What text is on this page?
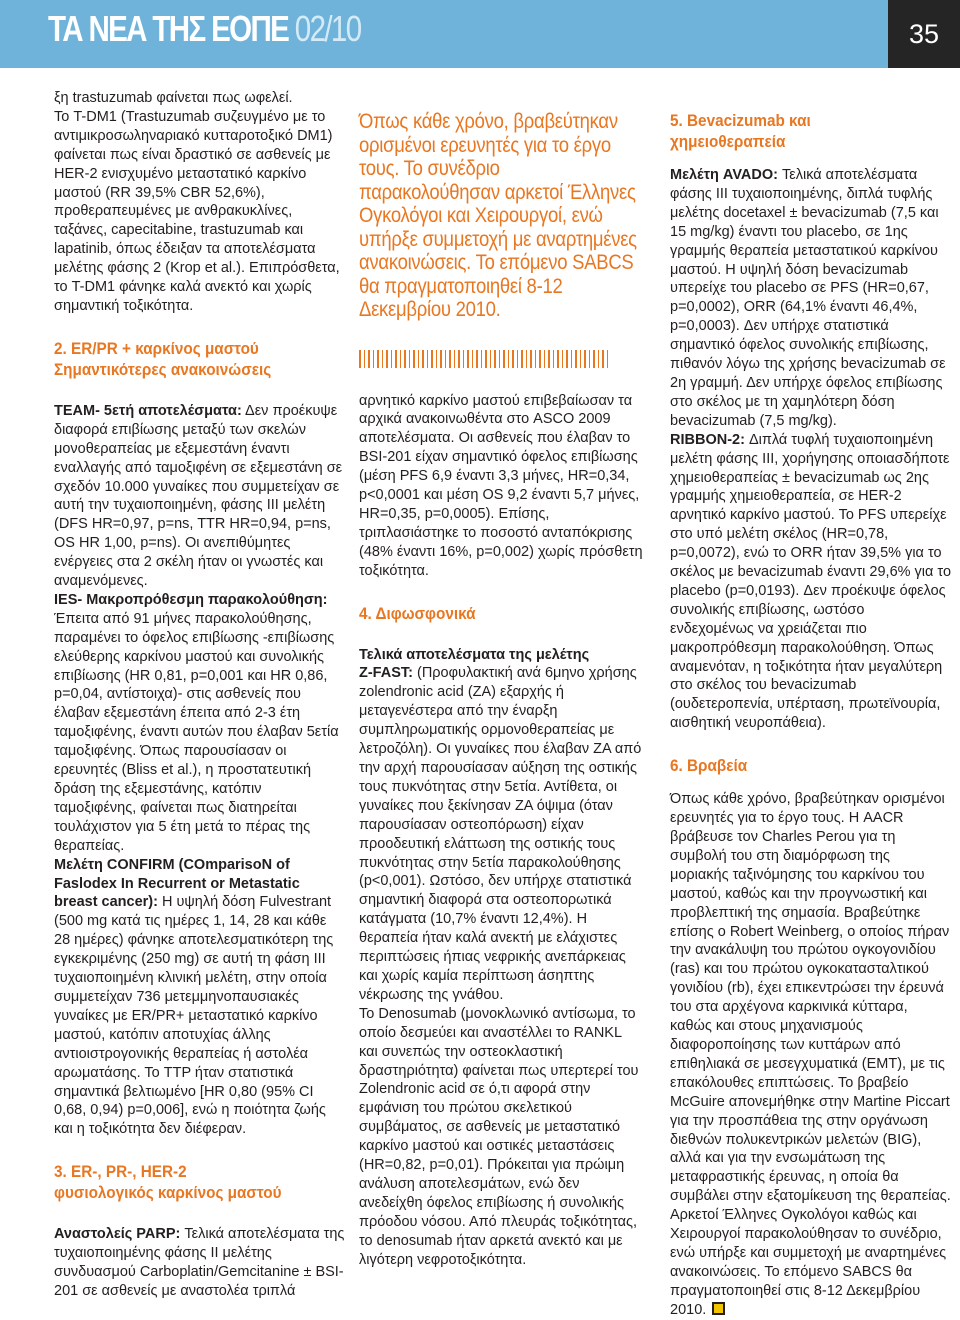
ΤΑ ΝΕΑ ΤΗΣ ΕΟΠΕ 02/10	35

ξη trastuzumab φαίνεται πως ωφελεί.

Το T-DM1 (Trastuzumab συζευγμένο με το αντιμικροσωληναριακό κυτταροτοξικό DM1) φαίνεται πως είναι δραστικό σε ασθενείς με HER-2 ενισχυμένο μεταστατικό καρκίνο μαστού (RR 39,5% CBR 52,6%), προθεραπευμένες με ανθρακυκλίνες, ταξάνες, capecitabine, trastuzumab και lapatinib, όπως έδειξαν τα αποτελέσματα μελέτης φάσης 2 (Krop et al.). Επιπρόσθετα, το T-DM1 φάνηκε καλά ανεκτό και χωρίς σημαντική τοξικότητα.

2. ER/PR + καρκίνος μαστού
Σημαντικότερες ανακοινώσεις

TEAM- 5ετή αποτελέσματα: Δεν προέκυψε διαφορά επιβίωσης μεταξύ των σκελών μονοθεραπείας με εξεμεστάνη έναντι εναλλαγής από ταμοξιφένη σε εξεμεστάνη σε σχεδόν 10.000 γυναίκες που συμμετείχαν σε αυτή την τυχαιοποιημένη, φάσης ΙΙΙ μελέτη (DFS HR=0,97, p=ns, TTR HR=0,94, p=ns, OS HR 1,00, p=ns). Οι ανεπιθύμητες ενέργειες στα 2 σκέλη ήταν οι γνωστές και αναμενόμενες.

IES- Μακροπρόθεσμη παρακολούθηση: Έπειτα από 91 μήνες παρακολούθησης, παραμένει το όφελος επιβίωσης -επιβίωσης ελεύθερης καρκίνου μαστού και συνολικής επιβίωσης (HR 0,81, p=0,001 και HR 0,86, p=0,04, αντίστοιχα)- στις ασθενείς που έλαβαν εξεμεστάνη έπειτα από 2-3 έτη ταμοξιφένης, έναντι αυτών που έλαβαν 5ετία ταμοξιφένης. Όπως παρουσίασαν οι ερευνητές (Bliss et al.), η προστατευτική δράση της εξεμεστάνης, κατόπιν ταμοξιφένης, φαίνεται πως διατηρείται τουλάχιστον για 5 έτη μετά το πέρας της θεραπείας.

Μελέτη CONFIRM (COmparisoN of Faslodex In Recurrent or Metastatic breast cancer): Η υψηλή δόση Fulvestrant (500 mg κατά τις ημέρες 1, 14, 28 και κάθε 28 ημέρες) φάνηκε αποτελεσματικότερη της εγκεκριμένης (250 mg) σε αυτή τη φάση ΙΙΙ τυχαιοποιημένη κλινική μελέτη, στην οποία συμμετείχαν 736 μετεμμηνοπαυσιακές γυναίκες με ER/PR+ μεταστατικό καρκίνο μαστού, κατόπιν αποτυχίας άλλης αντιοιστρογονικής θεραπείας ή αστολέα αρωματάσης. Το TTP ήταν στατιστικά σημαντικά βελτιωμένο [HR 0,80 (95% CI 0,68, 0,94) p=0,006], ενώ η ποιότητα ζωής και η τοξικότητα δεν διέφεραν.

3. ER-, PR-, HER-2
φυσιολογικός καρκίνος μαστού

Αναστολείς PARP: Τελικά αποτελέσματα της τυχαιοποιημένης φάσης ΙΙ μελέτης συνδυασμού Carboplatin/Gemcitanine ± BSI-201 σε ασθενείς με αναστολέα τριπλά

Όπως κάθε χρόνο, βραβεύτηκαν ορισμένοι ερευνητές για το έργο τους. Το συνέδριο παρακολούθησαν αρκετοί Έλληνες Ογκολόγοι και Χειρουργοί, ενώ υπήρξε συμμετοχή με αναρτημένες ανακοινώσεις. Το επόμενο SABCS θα πραγματοποιηθεί 8-12 Δεκεμβρίου 2010.

αρνητικό καρκίνο μαστού επιβεβαίωσαν τα αρχικά ανακοινωθέντα στο ASCO 2009 αποτελέσματα. Οι ασθενείς που έλαβαν το BSI-201 είχαν σημαντικό όφελος επιβίωσης (μέση PFS 6,9 έναντι 3,3 μήνες, HR=0,34, p<0,0001 και μέση OS 9,2 έναντι 5,7 μήνες, HR=0,35, p=0,0005). Επίσης, τριπλασιάστηκε το ποσοστό ανταπόκρισης (48% έναντι 16%, p=0,002) χωρίς πρόσθετη τοξικότητα.

4. Διφωσφονικά

Τελικά αποτελέσματα της μελέτης

Z-FAST: (Προφυλακτική ανά 6μηνο χρήσης zolendronic acid (ZA) εξαρχής ή μεταγενέστερα από την έναρξη συμπληρωματικής ορμονοθεραπείας με λετροζόλη). Οι γυναίκες που έλαβαν ZA από την αρχή παρουσίασαν αύξηση της οστικής τους πυκνότητας στην 5ετία. Αντίθετα, οι γυναίκες που ξεκίνησαν ZA όψιμα (όταν παρουσίασαν οστεοπόρωση) είχαν προοδευτική ελάττωση της οστικής τους πυκνότητας στην 5ετία παρακολούθησης (p<0,001). Ωστόσο, δεν υπήρχε στατιστικά σημαντική διαφορά στα οστεοπορωτικά κατάγματα (10,7% έναντι 12,4%). Η θεραπεία ήταν καλά ανεκτή με ελάχιστες περιπτώσεις ήπιας νεφρικής ανεπάρκειας και χωρίς καμία περίπτωση άσηπτης νέκρωσης της γνάθου.

Το Denosumab (μονοκλωνικό αντίσωμα, το οποίο δεσμεύει και αναστέλλει το RANKL και συνεπώς την οστεοκλαστική δραστηριότητα) φαίνεται πως υπερτερεί του Zolendronic acid σε ό,τι αφορά στην εμφάνιση του πρώτου σκελετικού συμβάματος, σε ασθενείς με μεταστατικό καρκίνο μαστού και οστικές μεταστάσεις (HR=0,82, p=0,01). Πρόκειται για πρώιμη ανάλυση αποτελεσμάτων, ενώ δεν ανεδείχθη όφελος επιβίωσης ή συνολικής πρόοδου νόσου. Από πλευράς τοξικότητας, το denosumab ήταν αρκετά ανεκτό και με λιγότερη νεφροτοξικότητα.

5. Bevacizumab και χημειοθεραπεία

Μελέτη AVADO: Τελικά αποτελέσματα φάσης ΙΙΙ τυχαιοποιημένης, διπλά τυφλής μελέτης docetaxel ± bevacizumab (7,5 και 15 mg/kg) έναντι του placebo, σε 1ης γραμμής θεραπεία μεταστατικού καρκίνου μαστού. Η υψηλή δόση bevacizumab υπερείχε του placebo σε PFS (HR=0,67, p=0,0002), ORR (64,1% έναντι 46,4%, p=0,0003). Δεν υπήρχε στατιστικά σημαντικό όφελος συνολικής επιβίωσης, πιθανόν λόγω της χρήσης bevacizumab σε 2η γραμμή. Δεν υπήρχε όφελος επιβίωσης στο σκέλος με τη χαμηλότερη δόση bevacizumab (7,5 mg/kg).

RIBBON-2: Διπλά τυφλή τυχαιοποιημένη μελέτη φάσης ΙΙΙ, χορήγησης οποιασδήποτε χημειοθεραπείας ± bevacizumab ως 2ης γραμμής χημειοθεραπεία, σε HER-2 αρνητικό καρκίνο μαστού. Το PFS υπερείχε στο υπό μελέτη σκέλος (HR=0,78, p=0,0072), ενώ το ORR ήταν 39,5% για το σκέλος με bevacizumab έναντι 29,6% για το placebo (p=0,0193). Δεν προέκυψε όφελος συνολικής επιβίωσης, ωστόσο ενδεχομένως να χρειάζεται πιο μακροπρόθεσμη παρακολούθηση. Όπως αναμενόταν, η τοξικότητα ήταν μεγαλύτερη στο σκέλος του bevacizumab (ουδετεροπενία, υπέρταση, πρωτεϊνουρία, αισθητική νευροπάθεια).

6. Βραβεία

Όπως κάθε χρόνο, βραβεύτηκαν ορισμένοι ερευνητές για το έργο τους. Η AACR βράβευσε τον Charles Perou για τη συμβολή του στη διαμόρφωση της μοριακής ταξινόμησης του καρκίνου του μαστού, καθώς και την προγνωστική και προβλεπτική της σημασία. Βραβεύτηκε επίσης ο Robert Weinberg, ο οποίος πήραν την ανακάλυψη του πρώτου ογκογονιδίου (ras) και του πρώτου ογκοκατασταλτικού γονιδίου (rb), έχει επικεντρώσει την έρευνά του στα αρχέγονα καρκινικά κύτταρα, καθώς και στους μηχανισμούς διαφοροποίησης των κυττάρων από επιθηλιακά σε μεσεγχυματικά (EMT), με τις επακόλουθες επιπτώσεις. Το βραβείο McGuire απονεμήθηκε στην Martine Piccart για την προσπάθεια της στην οργάνωση διεθνών πολυκεντρικών μελετών (BIG), αλλά και για την ενσωμάτωση της μεταφραστικής έρευνας, η οποία θα συμβάλει στην εξατομίκευση της θεραπείας. Αρκετοί Έλληνες Ογκολόγοι καθώς και Χειρουργοί παρακολούθησαν το συνέδριο, ενώ υπήρξε και συμμετοχή με αναρτημένες ανακοινώσεις. Το επόμενο SABCS θα πραγματοποιηθεί στις 8-12 Δεκεμβρίου 2010.
